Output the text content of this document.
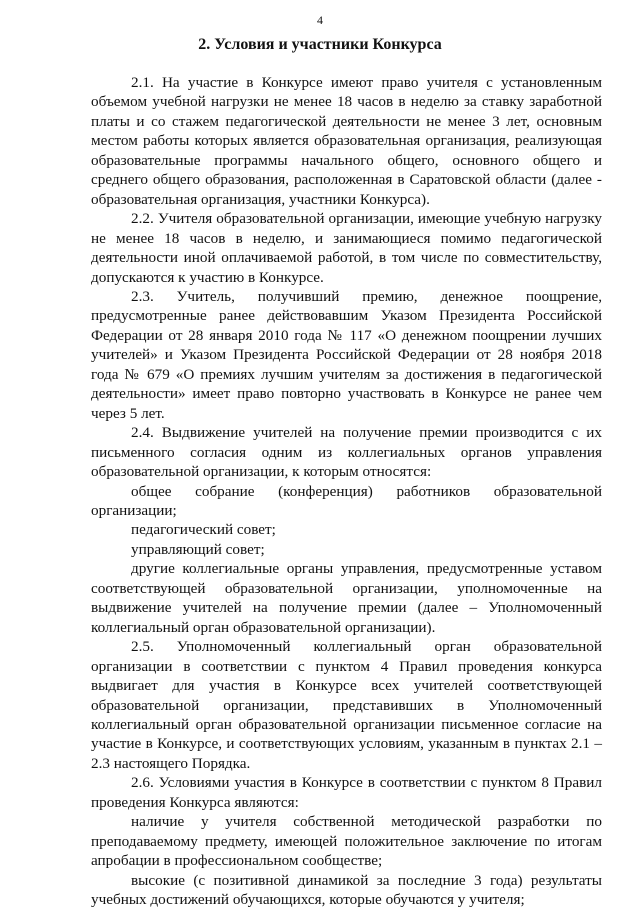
4
2. Условия и участники Конкурса

2.1. На участие в Конкурсе имеют право учителя с установленным объемом учебной нагрузки не менее 18 часов в неделю за ставку заработной платы и со стажем педагогической деятельности не менее 3 лет, основным местом работы которых является образовательная организация, реализующая образовательные программы начального общего, основного общего и среднего общего образования, расположенная в Саратовской области (далее - образовательная организация, участники Конкурса).

2.2. Учителя образовательной организации, имеющие учебную нагрузку не менее 18 часов в неделю, и занимающиеся помимо педагогической деятельности иной оплачиваемой работой, в том числе по совместительству, допускаются к участию в Конкурсе.

2.3. Учитель, получивший премию, денежное поощрение, предусмотренные ранее действовавшим Указом Президента Российской Федерации от 28 января 2010 года № 117 «О денежном поощрении лучших учителей» и Указом Президента Российской Федерации от 28 ноября 2018 года № 679 «О премиях лучшим учителям за достижения в педагогической деятельности» имеет право повторно участвовать в Конкурсе не ранее чем через 5 лет.

2.4. Выдвижение учителей на получение премии производится с их письменного согласия одним из коллегиальных органов управления образовательной организации, к которым относятся:

общее собрание (конференция) работников образовательной организации;

педагогический совет;

управляющий совет;

другие коллегиальные органы управления, предусмотренные уставом соответствующей образовательной организации, уполномоченные на выдвижение учителей на получение премии (далее – Уполномоченный коллегиальный орган образовательной организации).

2.5. Уполномоченный коллегиальный орган образовательной организации в соответствии с пунктом 4 Правил проведения конкурса выдвигает для участия в Конкурсе всех учителей соответствующей образовательной организации, представивших в Уполномоченный коллегиальный орган образовательной организации письменное согласие на участие в Конкурсе, и соответствующих условиям, указанным в пунктах 2.1 – 2.3 настоящего Порядка.

2.6. Условиями участия в Конкурсе в соответствии с пунктом 8 Правил проведения Конкурса являются:

наличие у учителя собственной методической разработки по преподаваемому предмету, имеющей положительное заключение по итогам апробации в профессиональном сообществе;

высокие (с позитивной динамикой за последние 3 года) результаты учебных достижений обучающихся, которые обучаются у учителя;
